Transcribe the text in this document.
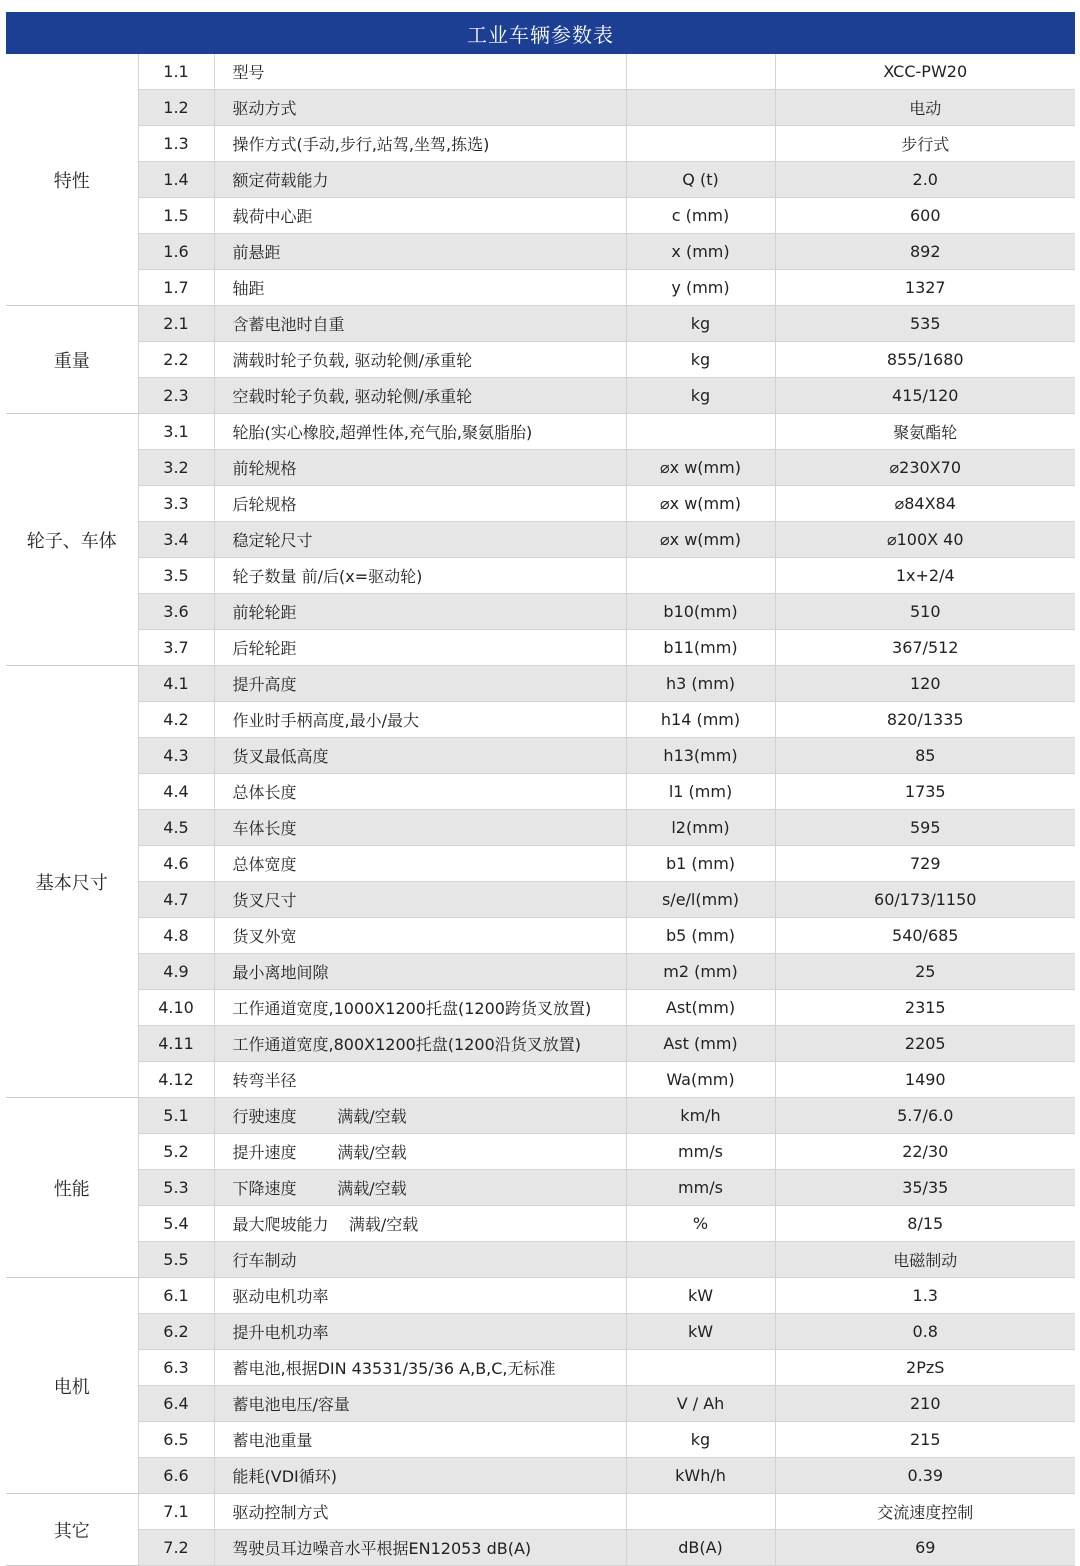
工业车辆参数表
特性	1.1	型号		XCC-PW20
	1.2	驱动方式		电动
	1.3	操作方式(手动,步行,站驾,坐驾,拣选)		步行式
	1.4	额定荷载能力	Q (t)	2.0
	1.5	载荷中心距	c (mm)	600
	1.6	前悬距	x (mm)	892
	1.7	轴距	y (mm)	1327
重量	2.1	含蓄电池时自重	kg	535
	2.2	满载时轮子负载, 驱动轮侧/承重轮	kg	855/1680
	2.3	空载时轮子负载, 驱动轮侧/承重轮	kg	415/120
轮子、车体	3.1	轮胎(实心橡胶,超弹性体,充气胎,聚氨脂胎)		聚氨酯轮
	3.2	前轮规格	⌀x w(mm)	⌀230X70
	3.3	后轮规格	⌀x w(mm)	⌀84X84
	3.4	稳定轮尺寸	⌀x w(mm)	⌀100X 40
	3.5	轮子数量 前/后(x=驱动轮)		1x+2/4
	3.6	前轮轮距	b10(mm)	510
	3.7	后轮轮距	b11(mm)	367/512
基本尺寸	4.1	提升高度	h3 (mm)	120
	4.2	作业时手柄高度,最小/最大	h14 (mm)	820/1335
	4.3	货叉最低高度	h13(mm)	85
	4.4	总体长度	l1 (mm)	1735
	4.5	车体长度	l2(mm)	595
	4.6	总体宽度	b1 (mm)	729
	4.7	货叉尺寸	s/e/l(mm)	60/173/1150
	4.8	货叉外宽	b5 (mm)	540/685
	4.9	最小离地间隙	m2 (mm)	25
	4.10	工作通道宽度,1000X1200托盘(1200跨货叉放置)	Ast(mm)	2315
	4.11	工作通道宽度,800X1200托盘(1200沿货叉放置)	Ast (mm)	2205
	4.12	转弯半径	Wa(mm)	1490
性能	5.1	行驶速度        满载/空载	km/h	5.7/6.0
	5.2	提升速度        满载/空载	mm/s	22/30
	5.3	下降速度        满载/空载	mm/s	35/35
	5.4	最大爬坡能力    满载/空载	%	8/15
	5.5	行车制动		电磁制动
电机	6.1	驱动电机功率	kW	1.3
	6.2	提升电机功率	kW	0.8
	6.3	蓄电池,根据DIN 43531/35/36 A,B,C,无标准		2PzS
	6.4	蓄电池电压/容量	V / Ah	210
	6.5	蓄电池重量	kg	215
	6.6	能耗(VDI循环)	kWh/h	0.39
其它	7.1	驱动控制方式		交流速度控制
	7.2	驾驶员耳边噪音水平根据EN12053 dB(A)	dB(A)	69
